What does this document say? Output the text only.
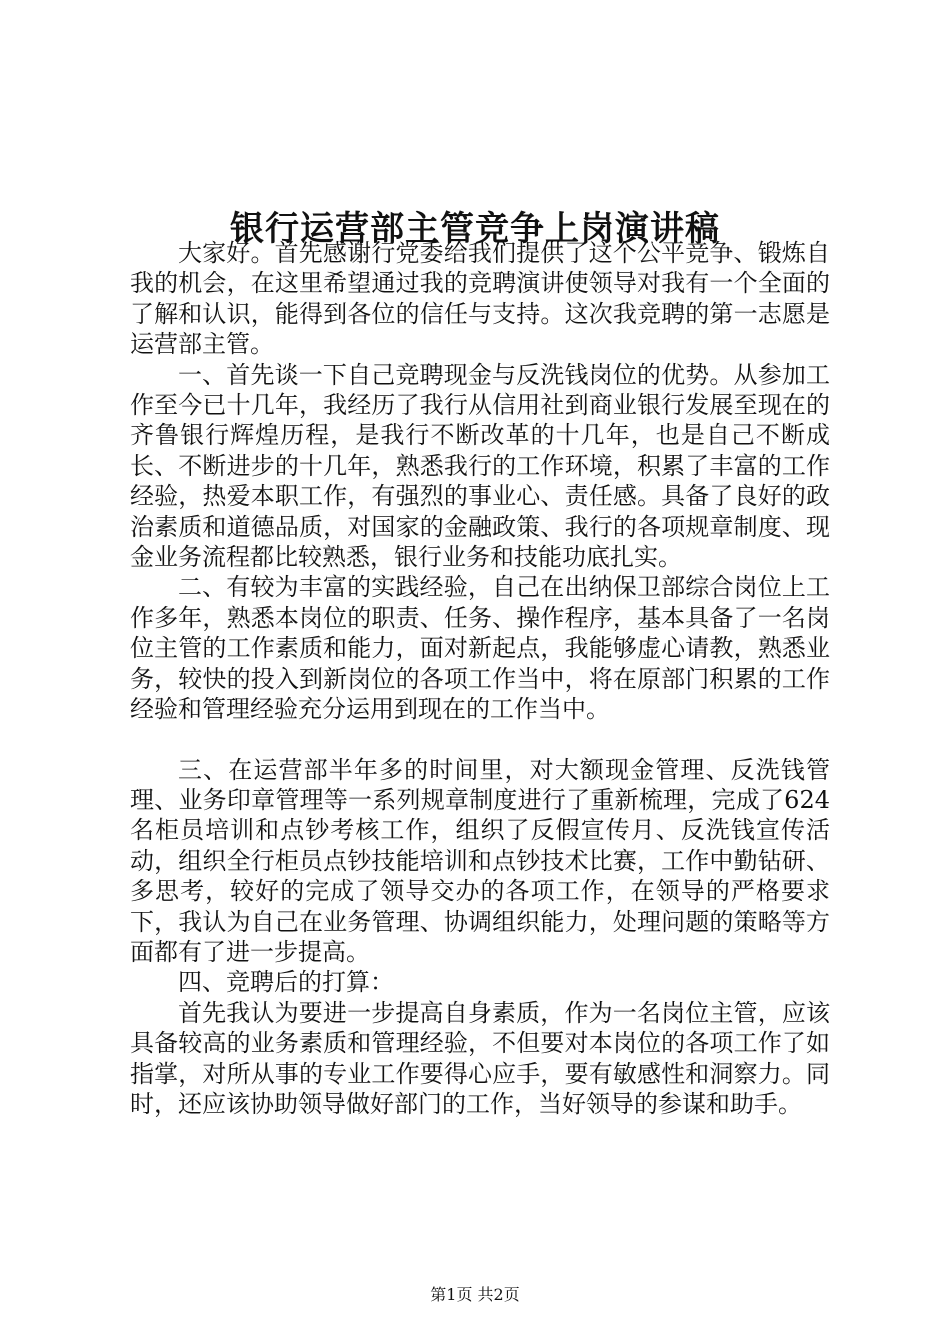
银行运营部主管竞争上岗演讲稿

大家好。首先感谢行党委给我们提供了这个公平竞争、锻炼自我的机会，在这里希望通过我的竞聘演讲使领导对我有一个全面的了解和认识，能得到各位的信任与支持。这次我竞聘的第一志愿是运营部主管。

一、首先谈一下自己竞聘现金与反洗钱岗位的优势。从参加工作至今已十几年，我经历了我行从信用社到商业银行发展至现在的齐鲁银行辉煌历程，是我行不断改革的十几年，也是自己不断成长、不断进步的十几年，熟悉我行的工作环境，积累了丰富的工作经验，热爱本职工作，有强烈的事业心、责任感。具备了良好的政治素质和道德品质，对国家的金融政策、我行的各项规章制度、现金业务流程都比较熟悉，银行业务和技能功底扎实。

二、有较为丰富的实践经验，自己在出纳保卫部综合岗位上工作多年，熟悉本岗位的职责、任务、操作程序，基本具备了一名岗位主管的工作素质和能力，面对新起点，我能够虚心请教，熟悉业务，较快的投入到新岗位的各项工作当中，将在原部门积累的工作经验和管理经验充分运用到现在的工作当中。

三、在运营部半年多的时间里，对大额现金管理、反洗钱管理、业务印章管理等一系列规章制度进行了重新梳理，完成了624名柜员培训和点钞考核工作，组织了反假宣传月、反洗钱宣传活动，组织全行柜员点钞技能培训和点钞技术比赛，工作中勤钻研、多思考，较好的完成了领导交办的各项工作，在领导的严格要求下，我认为自己在业务管理、协调组织能力，处理问题的策略等方面都有了进一步提高。

四、竞聘后的打算：

首先我认为要进一步提高自身素质，作为一名岗位主管，应该具备较高的业务素质和管理经验，不但要对本岗位的各项工作了如指掌，对所从事的专业工作要得心应手，要有敏感性和洞察力。同时，还应该协助领导做好部门的工作，当好领导的参谋和助手。

第1页 共2页
